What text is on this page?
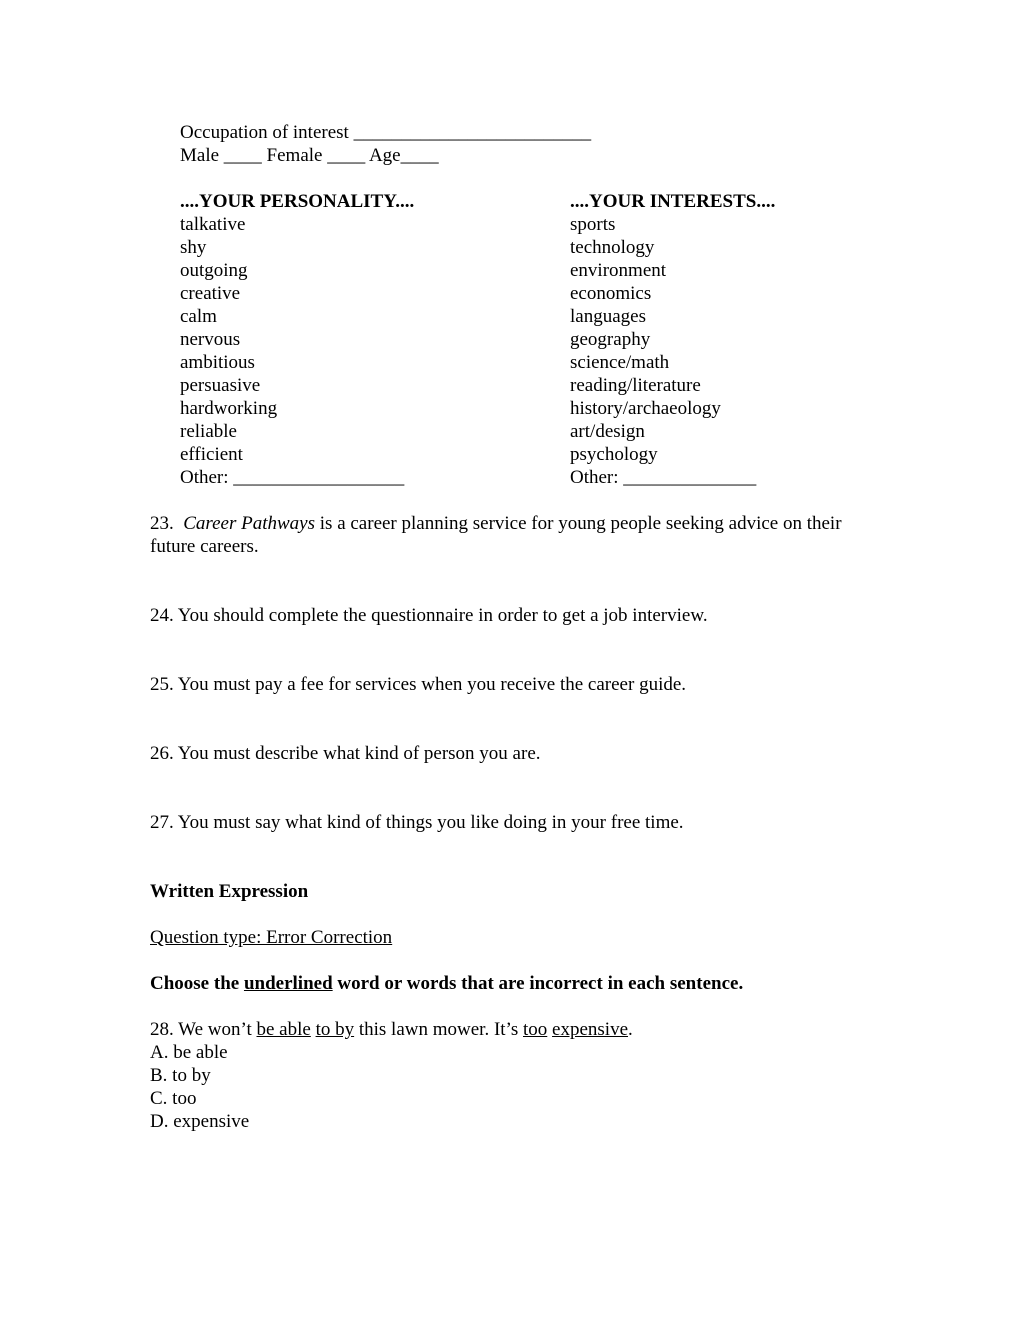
Occupation of interest _________________________
Male ____ Female ____ Age____
....YOUR PERSONALITY....
talkative
shy
outgoing
creative
calm
nervous
ambitious
persuasive
hardworking
reliable
efficient
Other: __________________
....YOUR INTERESTS....
sports
technology
environment
economics
languages
geography
science/math
reading/literature
history/archaeology
art/design
psychology
Other: ______________
23. Career Pathways is a career planning service for young people seeking advice on their future careers.
24. You should complete the questionnaire in order to get a job interview.
25. You must pay a fee for services when you receive the career guide.
26. You must describe what kind of person you are.
27. You must say what kind of things you like doing in your free time.
Written Expression
Question type: Error Correction
Choose the underlined word or words that are incorrect in each sentence.
28. We won’t be able to by this lawn mower. It’s too expensive.
A. be able
B. to by
C. too
D. expensive
